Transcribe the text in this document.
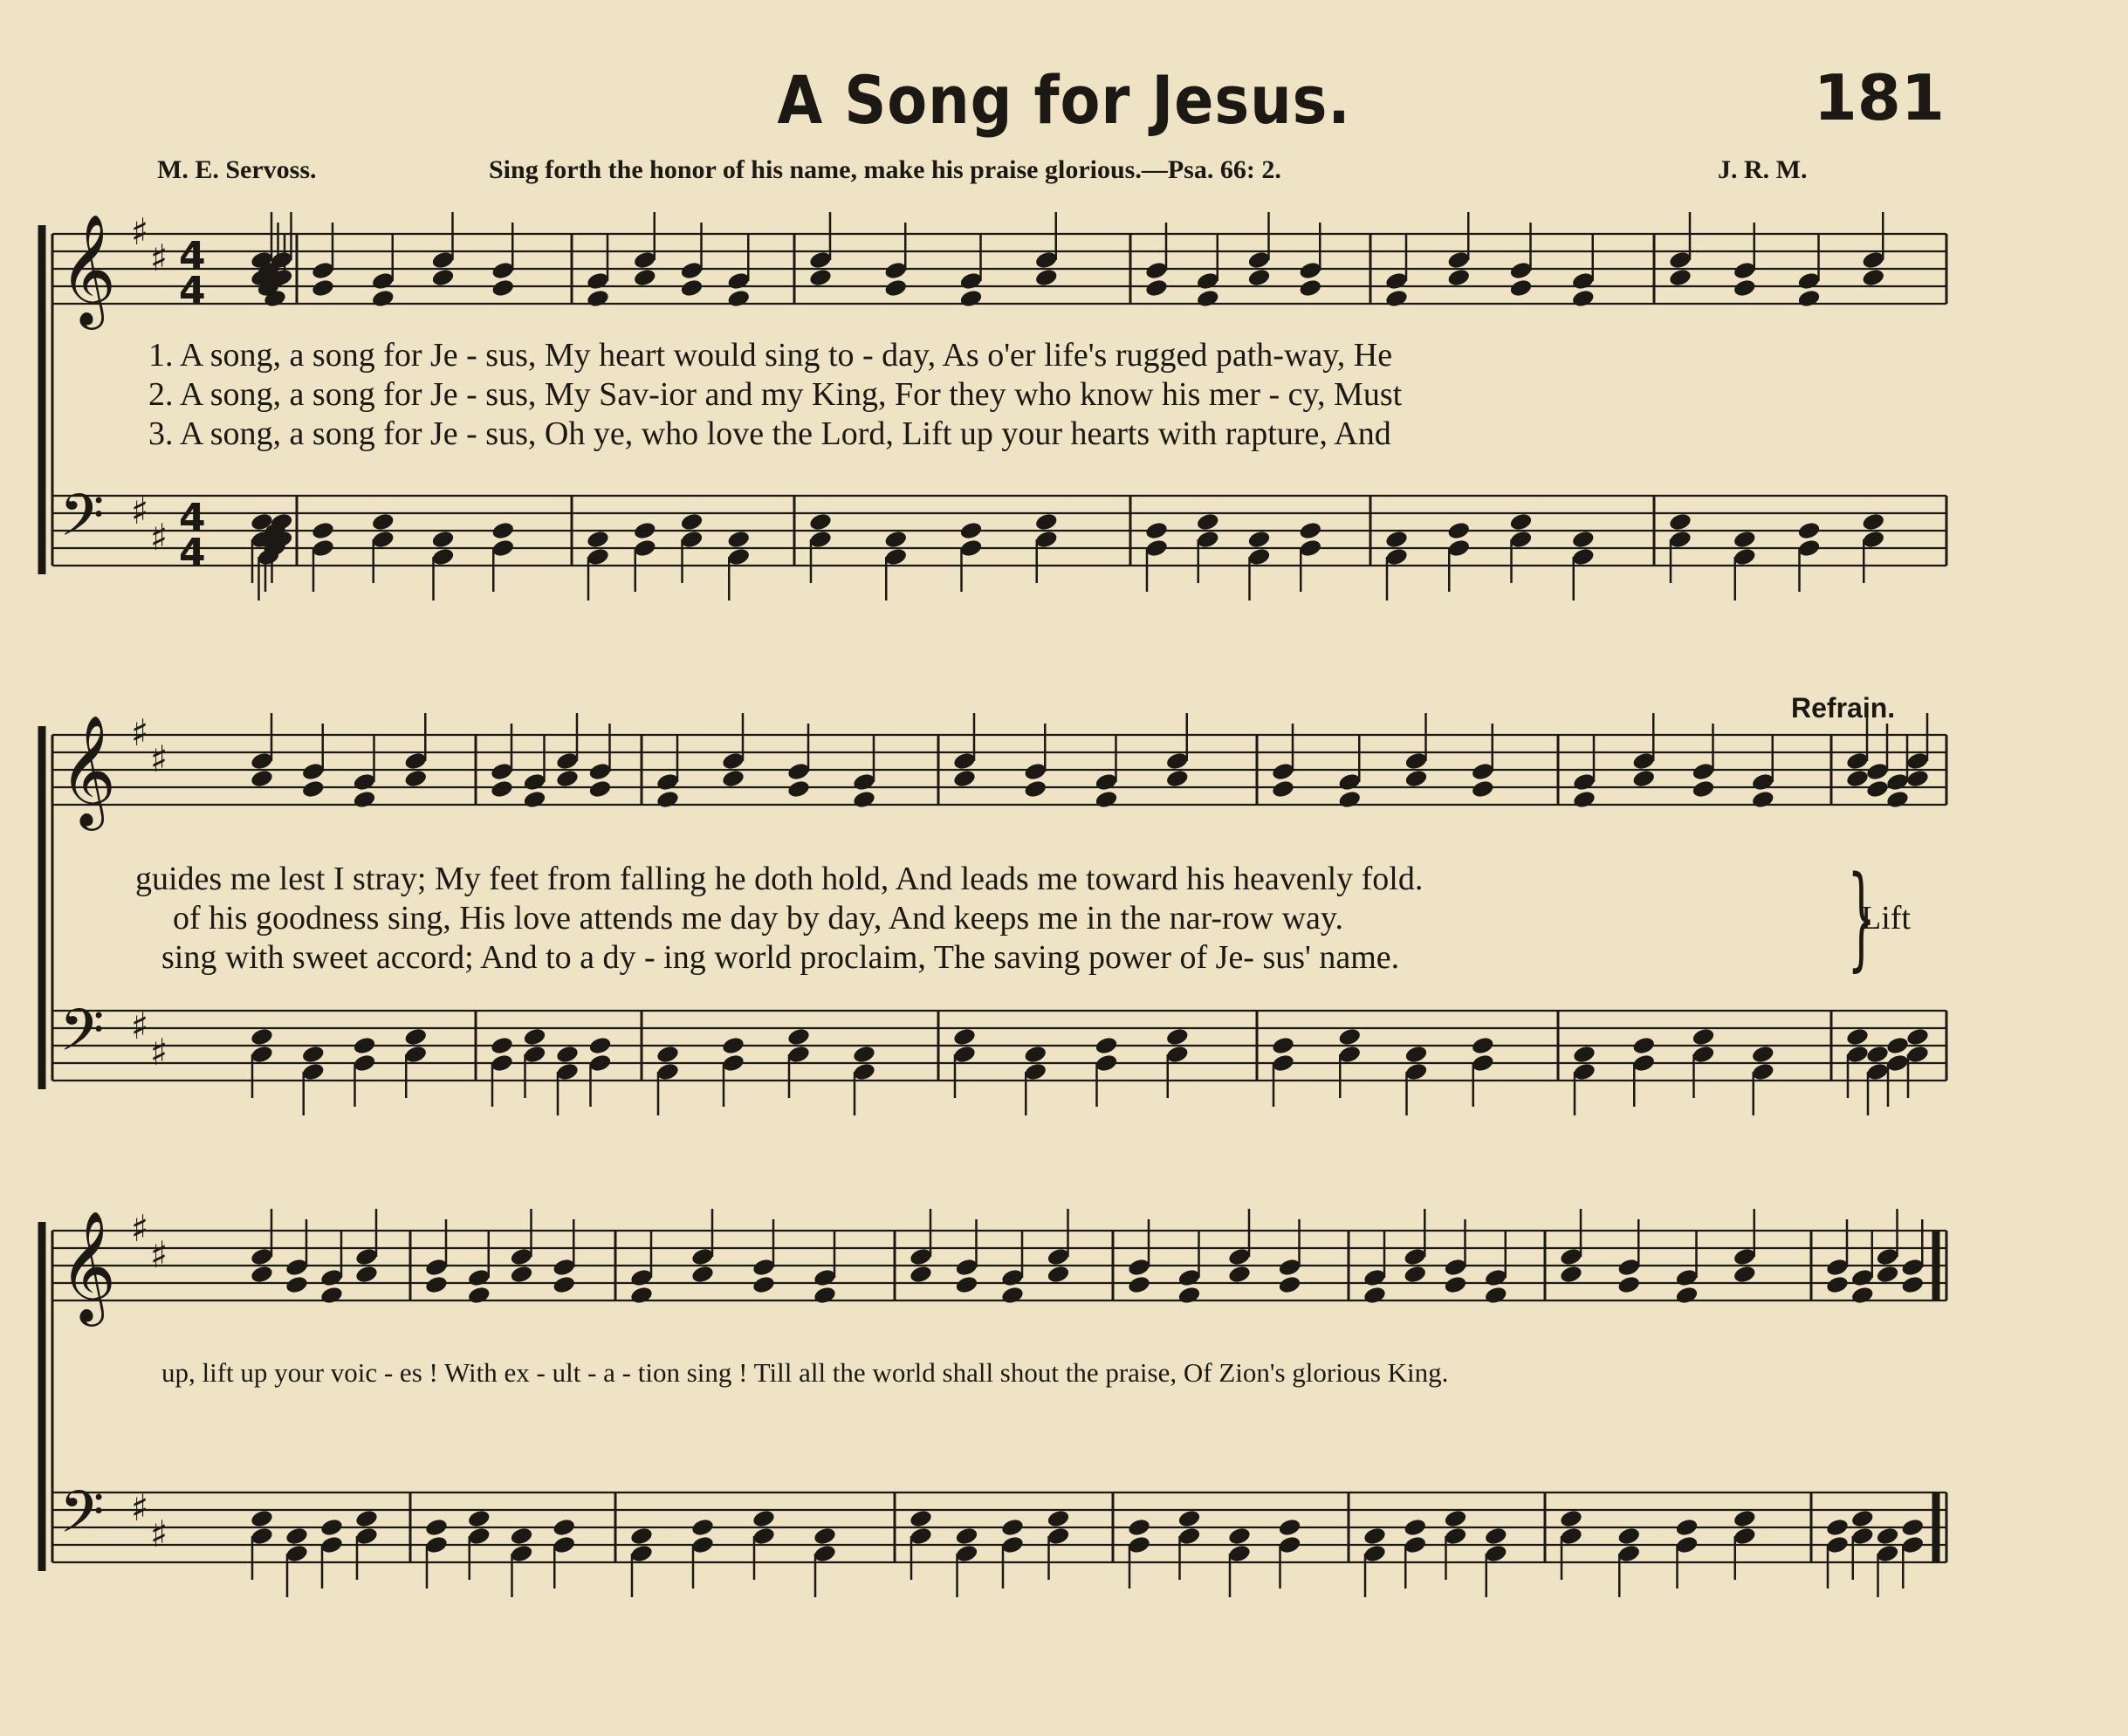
A Song for Jesus.	181
M. E. Servoss.	Sing forth the honor of his name, make his praise glorious.—Psa. 66: 2.	J. R. M.
𝄞 ♯
♯ 4
4
𝄢 ♯
♯ 4
4
𝄞 ♯
♯
𝄢 ♯
♯
𝄞 ♯
♯
𝄢 ♯
♯
1. A song, a song for Je - sus, My heart would sing to - day, As o'er life's rugged path-way, He
2. A song, a song for Je - sus, My Sav-ior and my King, For they who know his mer - cy, Must
3. A song, a song for Je - sus, Oh ye, who love the Lord, Lift up your hearts with rapture, And
guides me lest I stray; My feet from falling he doth hold, And leads me toward his heavenly fold.
of his goodness sing, His love attends me day by day, And keeps me in the nar-row way.
sing with sweet accord; And to a dy - ing world proclaim, The saving power of Je- sus' name.	}
Lift
Refrain.
up, lift up your voic - es ! With ex - ult - a - tion sing ! Till all the world shall shout the praise, Of Zion's glorious King.
